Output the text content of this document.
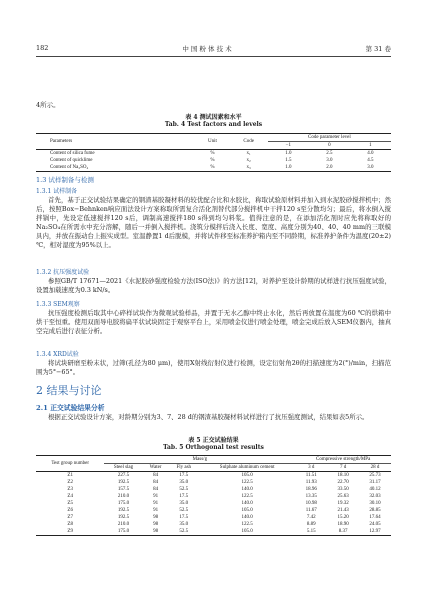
182	中 国 粉 体 技 术	第 31 卷
4所示。
表 4 测试因素和水平
Tab. 4 Test factors and levels
Parameters	Unit	Code	Code parameter level		
			−1	0	1
Content of silica fume	%	x₁	1.0	2.5	4.0
Content of quicklime	%	x₂	1.5	3.0	4.5
Content of Na₂SO₄	%	x₃	1.0	2.0	3.0
1.3 试样制备与检测
1.3.1 试样制备
首先，基于正交试验结果确定的钢渣基胶凝材料的较优配合比和水胶比，称取试验原材料并加入到水泥胶砂搅拌机中；然后，按照Box−Behnken响应面法设计方案称取所需复合活化剂替代部分搅拌机中干拌120 s至分散均匀；最后，将水倒入搅拌锅中，先设定低速搅拌120 s后，调制高速搅拌180 s得到均匀料浆。值得注意的是，在添加活化剂时应先将称取好的Na₂SO₄在所需水中充分溶解，随后一并倒入搅拌机。浇筑分模拌后浇入长度、宽度、高度分别为40、40、40 mm的三联模具内，并放在振动台上振实成型。室温静置1 d后脱模，并将试件移至标准养护箱内至不同龄期，标准养护条件为温度(20±2) ℃，相对湿度为95%以上。
1.3.2 抗压强度试验
参照GB/T 17671—2021《水泥胶砂强度检验方法(ISO法)》的方法[12]，对养护至设计龄期的试样进行抗压强度试验，设置加载速度为0.3 kN/s。
1.3.3 SEM观察
抗压强度检测后取其中心碎样试块作为微观试验样品，并置于无水乙醇中终止水化，然后再放置在温度为60 ℃的烘箱中烘干至恒重。使用双面导电胶将扁平状试块固定于观察平台上，采用喷金仪进行喷金处理，喷金完成后放入SEM仪器内，抽真空完成后进行表征分析。
1.3.4 XRD试验
将试块研磨至粉末状，过筛(孔径为80 μm)，使用X射线衍射仪进行检测，设定衍射角2θ的扫描速度为2(°)/min，扫描范围为5°−65°。
2 结果与讨论
2.1 正交试验结果分析
根据正交试验设计方案，对龄期分别为3、7、28 d的钢渣基胶凝材料试样进行了抗压强度测试，结果如表5所示。
表 5 正交试验结果
Tab. 5 Orthogonal test results
Test group number	Mass/g				Compressive strength/MPa		
	Steel slag	Water	Fly ash	Sulphate aluminum cement	3 d	7 d	28 d
Z1	227.5	84	17.5	105.0	11.51	18.10	25.73
Z2	192.5	84	35.0	122.5	11.93	22.70	31.17
Z3	157.5	84	52.5	140.0	18.96	33.50	40.12
Z4	210.0	91	17.5	122.5	13.35	25.63	32.03
Z5	175.0	91	35.0	140.0	10.98	19.32	30.10
Z6	192.5	91	52.5	105.0	11.67	21.43	28.85
Z7	192.5	98	17.5	140.0	7.42	15.20	17.64
Z8	210.0	98	35.0	122.5	8.89	18.90	24.05
Z9	175.0	98	52.5	105.0	5.15	8.37	12.97
